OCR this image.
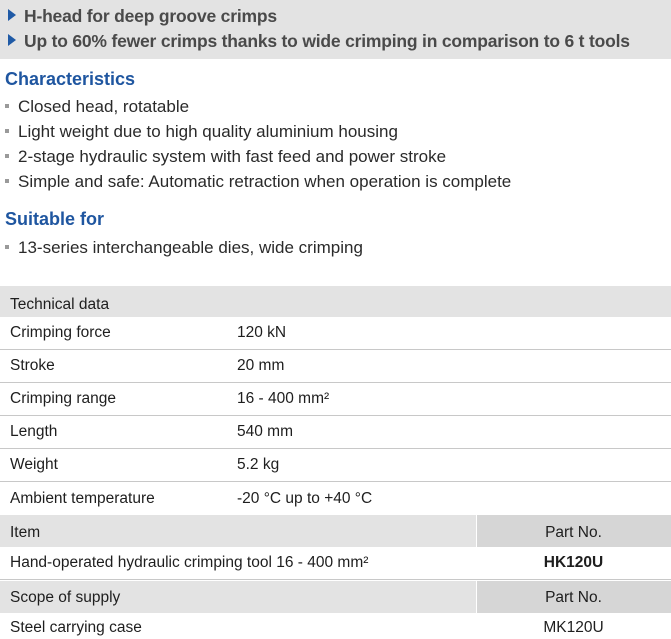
H-head for deep groove crimps
Up to 60% fewer crimps thanks to wide crimping in comparison to 6 t tools
Characteristics
Closed head, rotatable
Light weight due to high quality aluminium housing
2-stage hydraulic system with fast feed and power stroke
Simple and safe: Automatic retraction when operation is complete
Suitable for
13-series interchangeable dies, wide crimping
Technical data
Crimping force	120 kN
Stroke	20 mm
Crimping range	16 - 400 mm²
Length	540 mm
Weight	5.2 kg
Ambient temperature	-20 °C up to +40 °C
Item	Part No.
Hand-operated hydraulic crimping tool 16 - 400 mm²	HK120U
Scope of supply	Part No.
Steel carrying case	MK120U
